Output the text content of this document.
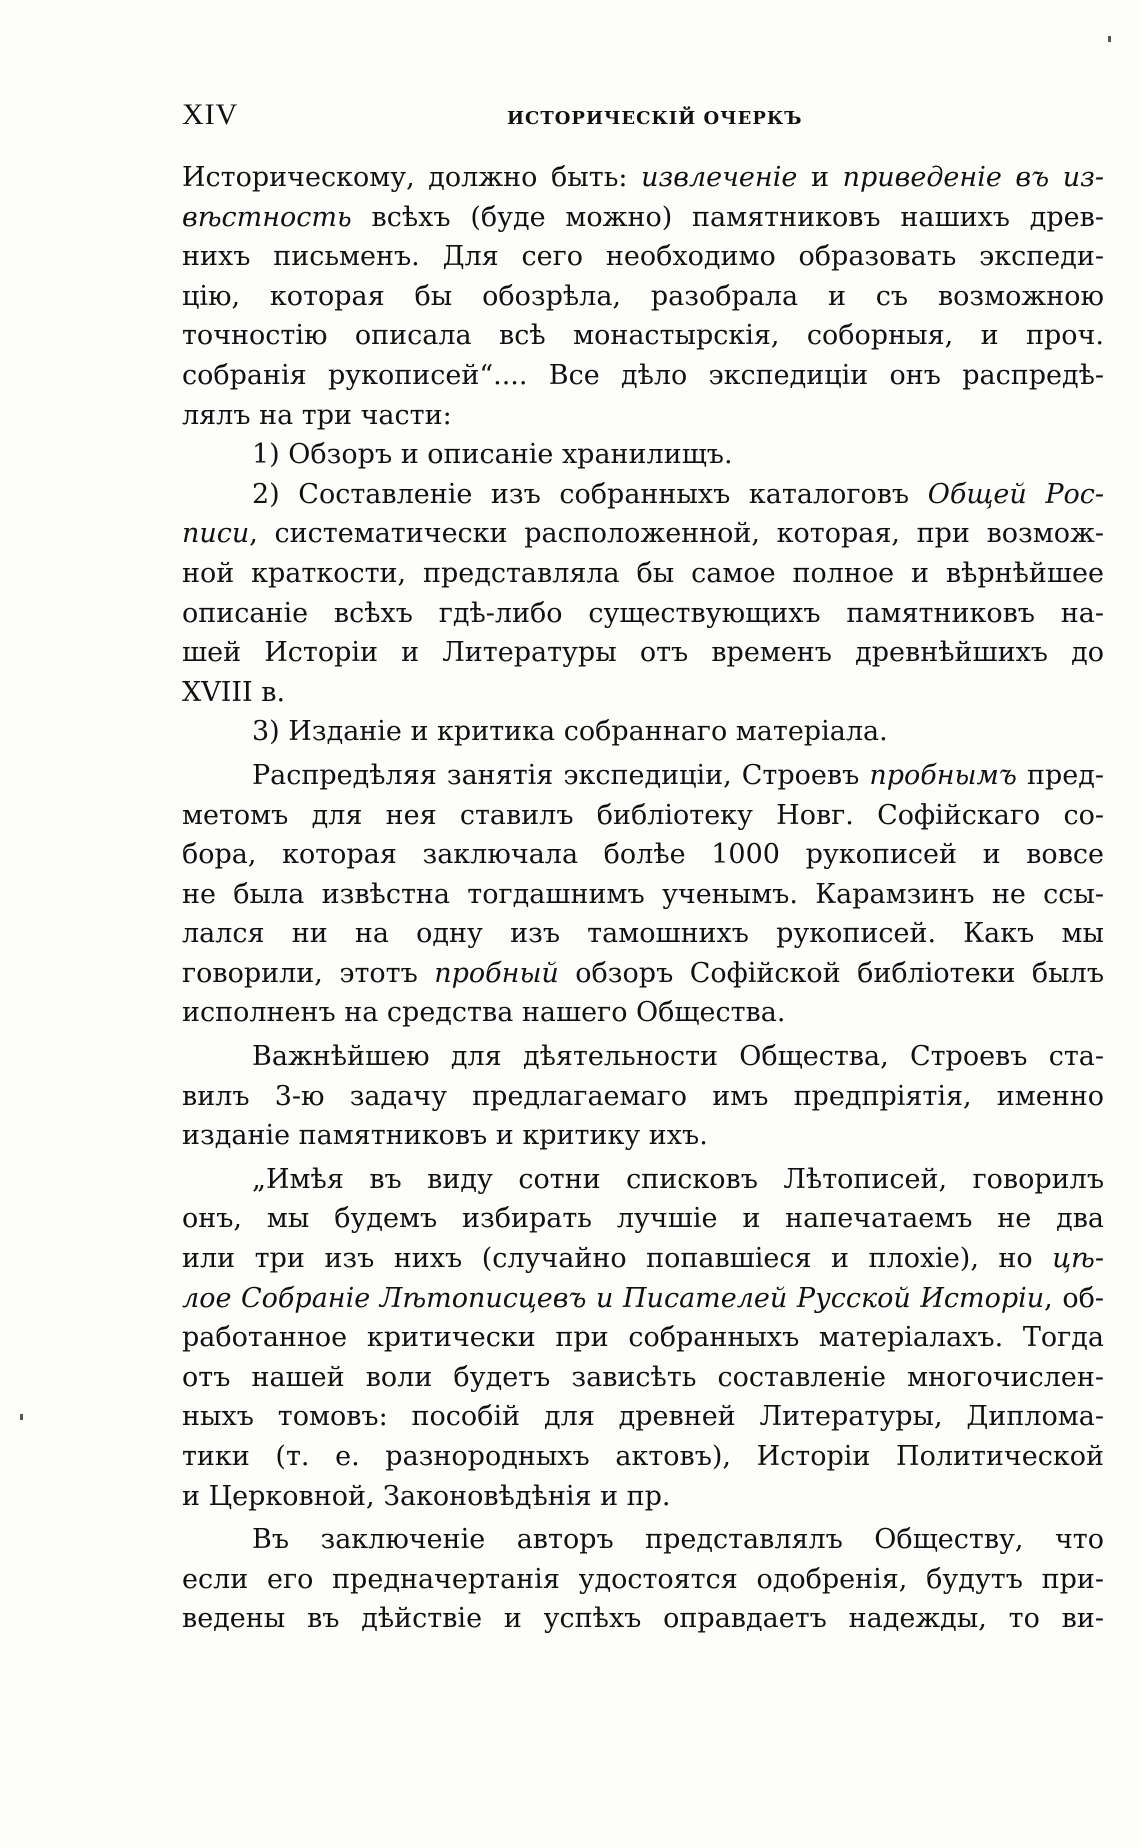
XIV	ИСТОРИЧЕСКІЙ ОЧЕРКЪ
Историческому, должно быть: извлеченіе и приведеніе въ из-
вѣстность всѣхъ (буде можно) памятниковъ нашихъ древ-
нихъ письменъ. Для сего необходимо образовать экспеди-
цію, которая бы обозрѣла, разобрала и съ возможною
точностію описала всѣ монастырскія, соборныя, и проч.
собранія рукописей“.... Все дѣло экспедиціи онъ распредѣ-
лялъ на три части:
1) Обзоръ и описаніе хранилищъ.
2) Составленіе изъ собранныхъ каталоговъ Общей Рос-
писи, систематически расположенной, которая, при возмож-
ной краткости, представляла бы самое полное и вѣрнѣйшее
описаніе всѣхъ гдѣ-либо существующихъ памятниковъ на-
шей Исторіи и Литературы отъ временъ древнѣйшихъ до
XVIII в.
3) Изданіе и критика собраннаго матеріала.
Распредѣляя занятія экспедиціи, Строевъ пробнымъ пред-
метомъ для нея ставилъ библіотеку Новг. Софійскаго со-
бора, которая заключала болѣе 1000 рукописей и вовсе
не была извѣстна тогдашнимъ ученымъ. Карамзинъ не ссы-
лался ни на одну изъ тамошнихъ рукописей. Какъ мы
говорили, этотъ пробный обзоръ Софійской библіотеки былъ
исполненъ на средства нашего Общества.
Важнѣйшею для дѣятельности Общества, Строевъ ста-
вилъ 3-ю задачу предлагаемаго имъ предпріятія, именно
изданіе памятниковъ и критику ихъ.
„Имѣя въ виду сотни списковъ Лѣтописей, говорилъ
онъ, мы будемъ избирать лучшіе и напечатаемъ не два
или три изъ нихъ (случайно попавшіеся и плохіе), но цѣ-
лое Собраніе Лѣтописцевъ и Писателей Русской Исторіи, об-
работанное критически при собранныхъ матеріалахъ. Тогда
отъ нашей воли будетъ зависѣть составленіе многочислен-
ныхъ томовъ: пособій для древней Литературы, Диплома-
тики (т. е. разнородныхъ актовъ), Исторіи Политической
и Церковной, Законовѣдѣнія и пр.
Въ заключеніе авторъ представлялъ Обществу, что
если его предначертанія удостоятся одобренія, будутъ при-
ведены въ дѣйствіе и успѣхъ оправдаетъ надежды, то ви-
